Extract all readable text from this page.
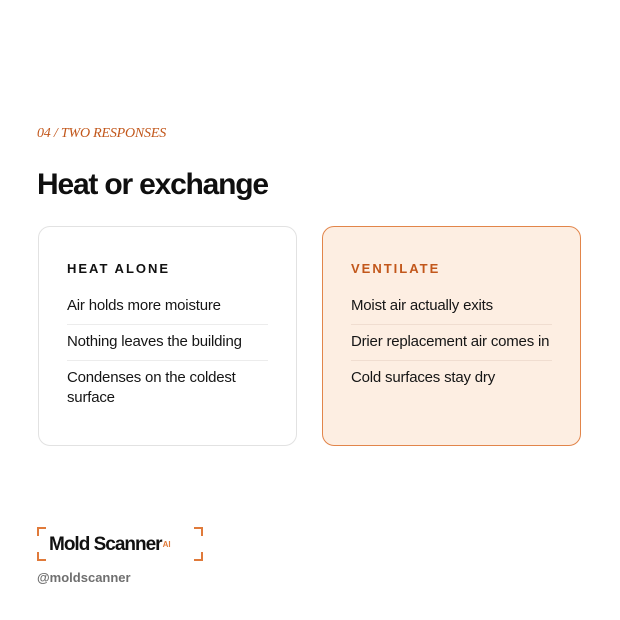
04 / TWO RESPONSES
Heat or exchange
HEAT ALONE
Air holds more moisture
Nothing leaves the building
Condenses on the coldest surface
VENTILATE
Moist air actually exits
Drier replacement air comes in
Cold surfaces stay dry
Mold Scanner$^{AI}$
@moldscanner
